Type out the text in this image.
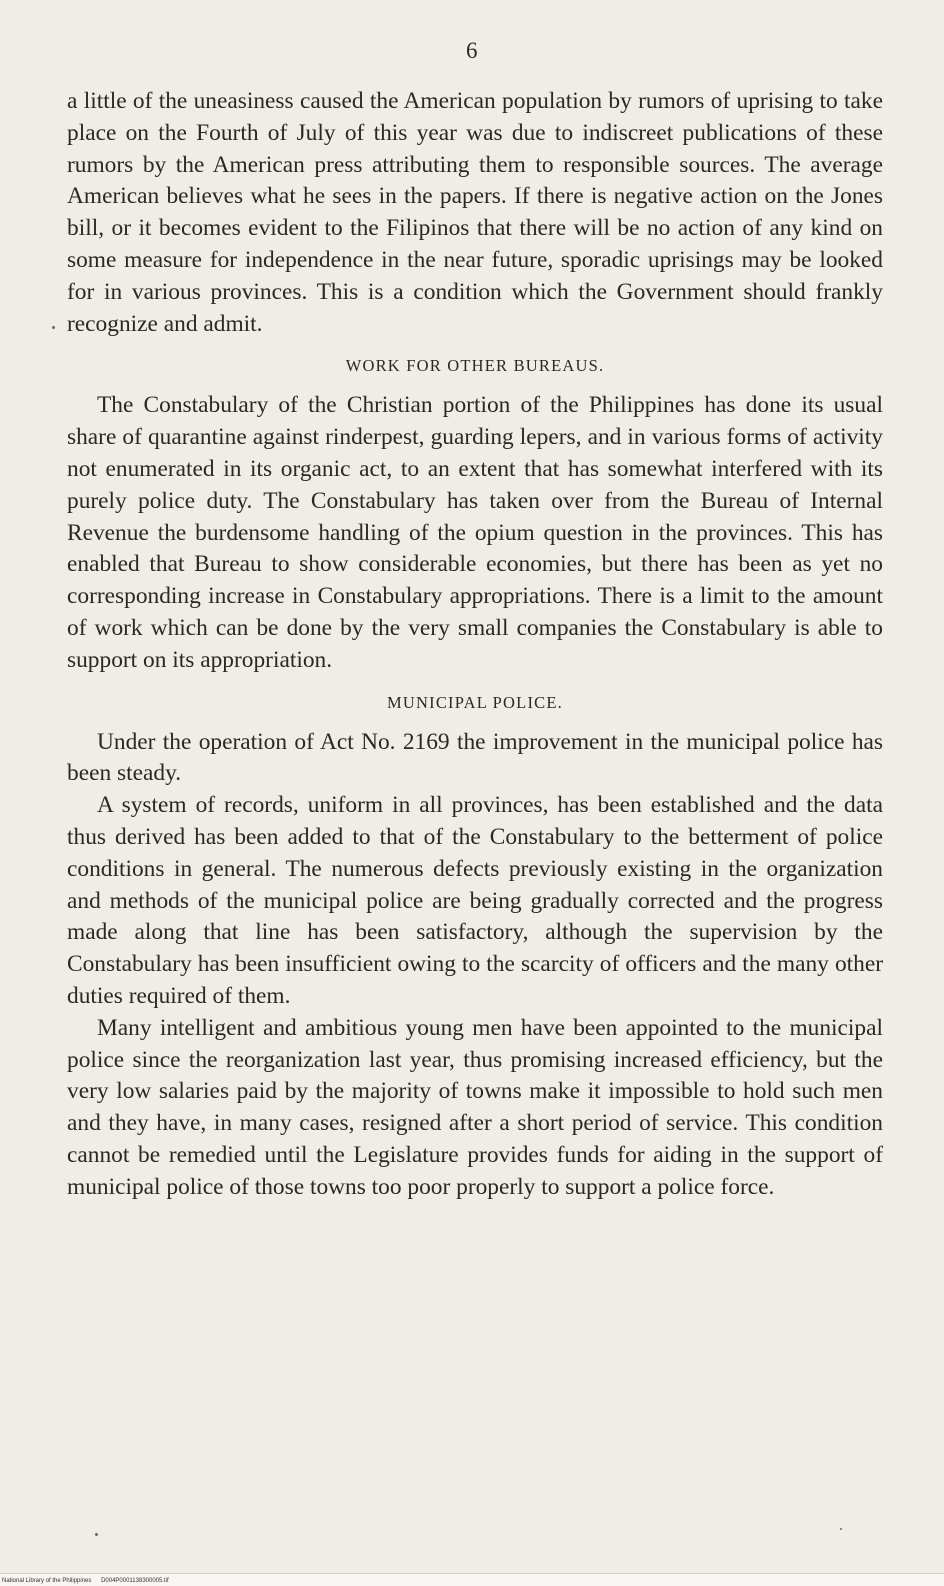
6

a little of the uneasiness caused the American population by rumors of uprising to take place on the Fourth of July of this year was due to indiscreet publications of these rumors by the American press attributing them to responsible sources. The average American believes what he sees in the papers. If there is negative action on the Jones bill, or it becomes evident to the Filipinos that there will be no action of any kind on some measure for independence in the near future, sporadic uprisings may be looked for in various provinces. This is a condition which the Government should frankly recognize and admit.

WORK FOR OTHER BUREAUS.

The Constabulary of the Christian portion of the Philippines has done its usual share of quarantine against rinderpest, guarding lepers, and in various forms of activity not enumerated in its organic act, to an extent that has somewhat interfered with its purely police duty. The Constabulary has taken over from the Bureau of Internal Revenue the burdensome handling of the opium question in the provinces. This has enabled that Bureau to show considerable economies, but there has been as yet no corresponding increase in Constabulary appropriations. There is a limit to the amount of work which can be done by the very small companies the Constabulary is able to support on its appropriation.

MUNICIPAL POLICE.

Under the operation of Act No. 2169 the improvement in the municipal police has been steady.

A system of records, uniform in all provinces, has been established and the data thus derived has been added to that of the Constabulary to the betterment of police conditions in general. The numerous defects previously existing in the organization and methods of the municipal police are being gradually corrected and the progress made along that line has been satisfactory, although the supervision by the Constabulary has been insufficient owing to the scarcity of officers and the many other duties required of them.

Many intelligent and ambitious young men have been appointed to the municipal police since the reorganization last year, thus promising increased efficiency, but the very low salaries paid by the majority of towns make it impossible to hold such men and they have, in many cases, resigned after a short period of service. This condition cannot be remedied until the Legislature provides funds for aiding in the support of municipal police of those towns too poor properly to support a police force.

National Library of the Philippines D004P0001138300005.tif
